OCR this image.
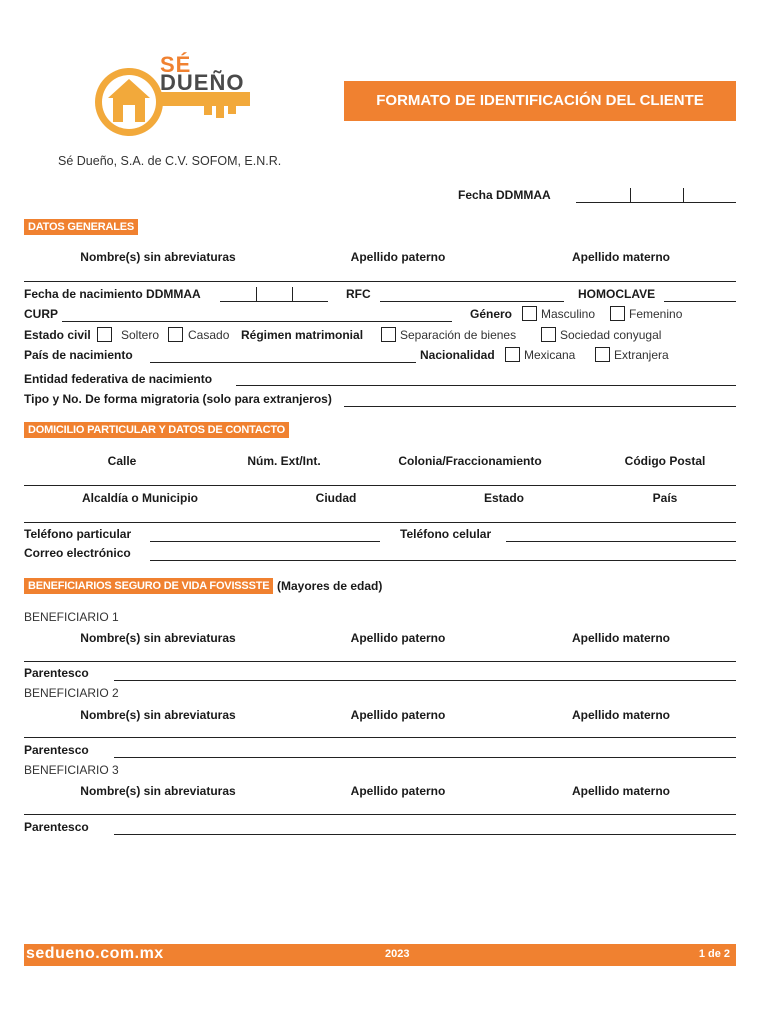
SÉ
DUEÑO
Sé Dueño, S.A. de C.V. SOFOM, E.N.R.
FORMATO DE IDENTIFICACIÓN DEL CLIENTE
Fecha DDMMAA
DATOS GENERALES
Nombre(s) sin abreviaturas	Apellido paterno	Apellido materno
Fecha de nacimiento DDMMAA	RFC	HOMOCLAVE
CURP	Género Masculino	Femenino
Estado civil	Soltero Casado Régimen matrimonial	Separación de bienes	Sociedad conyugal
País de nacimiento	Nacionalidad Mexicana	Extranjera
Entidad federativa de nacimiento
Tipo y No. De forma migratoria (solo para extranjeros)
DOMICILIO PARTICULAR Y DATOS DE CONTACTO
Calle	Núm. Ext/Int.	Colonia/Fraccionamiento	Código Postal
Alcaldía o Municipio	Ciudad	Estado	País
Teléfono particular	Teléfono celular
Correo electrónico
BENEFICIARIOS SEGURO DE VIDA FOVISSSTE (Mayores de edad)
BENEFICIARIO 1
Nombre(s) sin abreviaturas	Apellido paterno	Apellido materno
Parentesco
BENEFICIARIO 2
Nombre(s) sin abreviaturas	Apellido paterno	Apellido materno
Parentesco
BENEFICIARIO 3
Nombre(s) sin abreviaturas	Apellido paterno	Apellido materno
Parentesco
sedueno.com.mx	2023	1 de 2
